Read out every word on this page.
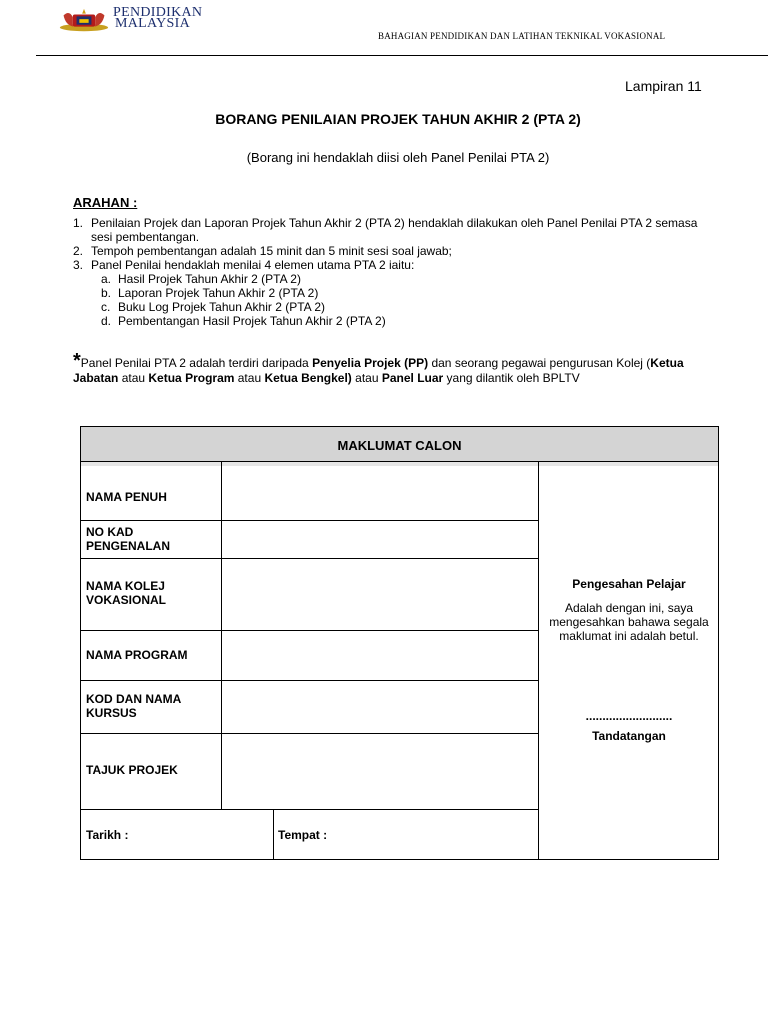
PENDIDIKAN
MALAYSIA
BAHAGIAN PENDIDIKAN DAN LATIHAN TEKNIKAL VOKASIONAL
Lampiran 11
BORANG PENILAIAN PROJEK TAHUN AKHIR 2 (PTA 2)
(Borang ini hendaklah diisi oleh Panel Penilai PTA 2)
ARAHAN :
1. Penilaian Projek dan Laporan Projek Tahun Akhir 2 (PTA 2) hendaklah dilakukan oleh Panel Penilai PTA 2 semasa sesi pembentangan.
2. Tempoh pembentangan adalah 15 minit dan 5 minit sesi soal jawab;
3. Panel Penilai hendaklah menilai 4 elemen utama PTA 2 iaitu:
a. Hasil Projek Tahun Akhir 2 (PTA 2)
b. Laporan Projek Tahun Akhir 2 (PTA 2)
c. Buku Log Projek Tahun Akhir 2 (PTA 2)
d. Pembentangan Hasil Projek Tahun Akhir 2 (PTA 2)
*Panel Penilai PTA 2 adalah terdiri daripada Penyelia Projek (PP) dan seorang pegawai pengurusan Kolej (Ketua Jabatan atau Ketua Program atau Ketua Bengkel) atau Panel Luar yang dilantik oleh BPLTV
MAKLUMAT CALON
NAMA PENUH
NO KAD
PENGENALAN
NAMA KOLEJ
VOKASIONAL
NAMA PROGRAM
KOD DAN NAMA
KURSUS
TAJUK PROJEK
Tarikh :	Tempat :
Pengesahan Pelajar
Adalah dengan ini, saya mengesahkan bahawa segala maklumat ini adalah betul.
..........................
Tandatangan
